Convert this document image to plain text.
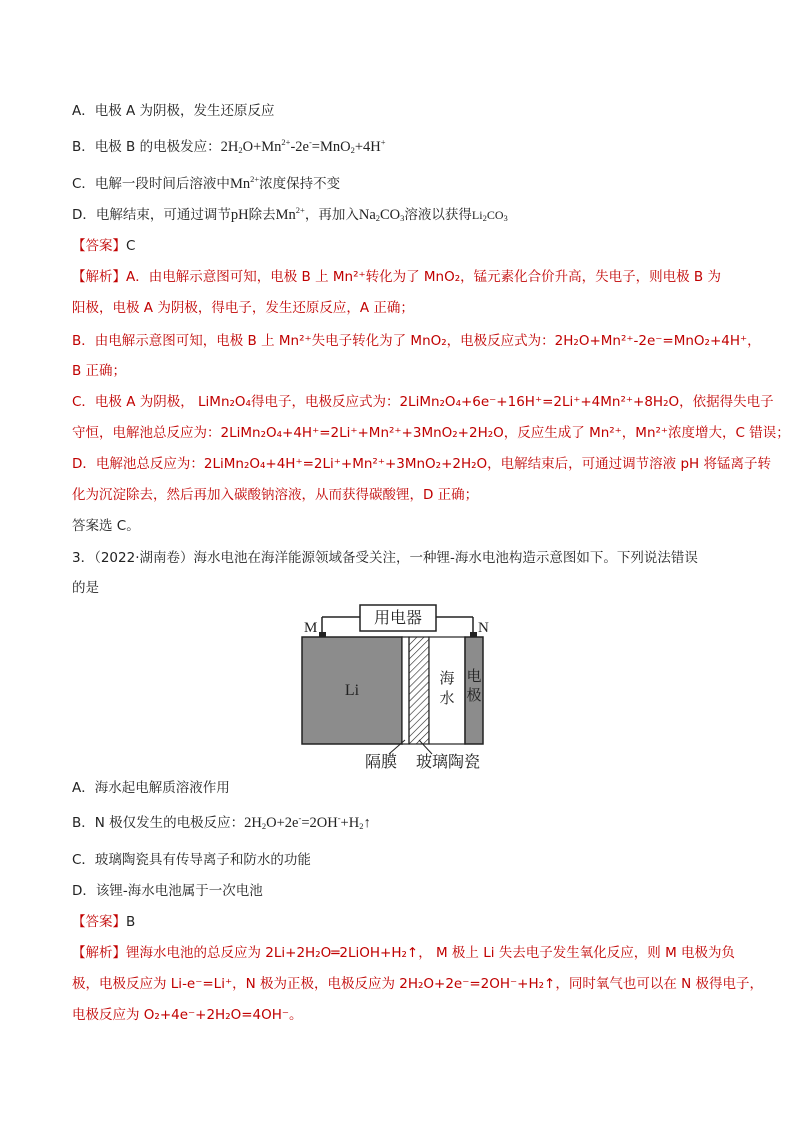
A．电极 A 为阴极，发生还原反应
B．电极 B 的电极发应：$2H_2O+Mn^{2+}-2e^-=MnO_2+4H^+$
C．电解一段时间后溶液中$Mn^{2+}$浓度保持不变
D．电解结束，可通过调节pH除去$Mn^{2+}$，再加入$Na_2CO_3$溶液以获得$Li_2CO_3$
【答案】C
【解析】A．由电解示意图可知，电极 B 上 Mn²⁺转化为了 MnO₂，锰元素化合价升高，失电子，则电极 B 为
阳极，电极 A 为阴极，得电子，发生还原反应，A 正确；
B．由电解示意图可知，电极 B 上 Mn²⁺失电子转化为了 MnO₂，电极反应式为：2H₂O+Mn²⁺-2e⁻=MnO₂+4H⁺，
B 正确；
C．电极 A 为阴极， LiMn₂O₄得电子，电极反应式为：2LiMn₂O₄+6e⁻+16H⁺=2Li⁺+4Mn²⁺+8H₂O，依据得失电子
守恒，电解池总反应为：2LiMn₂O₄+4H⁺=2Li⁺+Mn²⁺+3MnO₂+2H₂O，反应生成了 Mn²⁺，Mn²⁺浓度增大，C 错误；
D．电解池总反应为：2LiMn₂O₄+4H⁺=2Li⁺+Mn²⁺+3MnO₂+2H₂O，电解结束后，可通过调节溶液 pH 将锰离子转
化为沉淀除去，然后再加入碳酸钠溶液，从而获得碳酸锂，D 正确；
答案选 C。
3．（2022·湖南卷）海水电池在海洋能源领域备受关注，一种锂-海水电池构造示意图如下。下列说法错误
的是
用电器
M	N
Li
海
水
电
极
隔膜 玻璃陶瓷
A．海水起电解质溶液作用
B．N 极仅发生的电极反应：$2H_2O+2e^-=2OH^-+H_2↑$
C．玻璃陶瓷具有传导离子和防水的功能
D．该锂-海水电池属于一次电池
【答案】B
【解析】锂海水电池的总反应为 2Li+2H₂O═2LiOH+H₂↑， M 极上 Li 失去电子发生氧化反应，则 M 电极为负
极，电极反应为 Li-e⁻=Li⁺，N 极为正极，电极反应为 2H₂O+2e⁻=2OH⁻+H₂↑，同时氧气也可以在 N 极得电子，
电极反应为 O₂+4e⁻+2H₂O=4OH⁻。
